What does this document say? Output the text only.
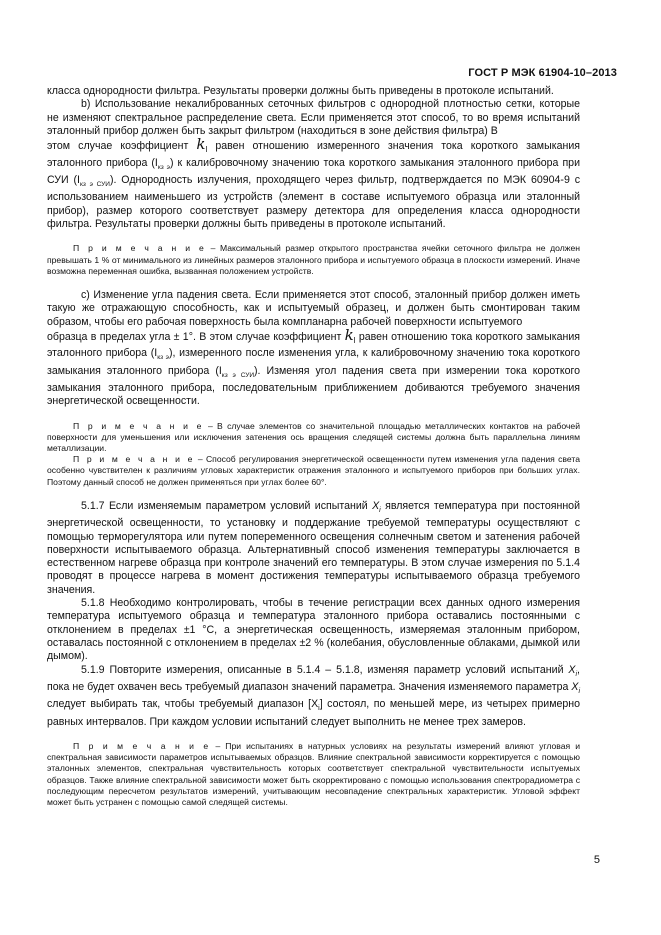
ГОСТ Р МЭК 61904-10–2013

класса однородности фильтра. Результаты проверки должны быть приведены в протоколе испытаний.

b) Использование некалиброванных сеточных фильтров с однородной плотностью сетки, которые не изменяют спектральное распределение света. Если применяется этот способ, то во время испытаний эталонный прибор должен быть закрыт фильтром (находиться в зоне действия фильтра) В

этом случае коэффициент $k_l$ равен отношению измеренного значения тока короткого замыкания эталонного прибора $(I_{кз э})$ к калибровочному значению тока короткого замыкания эталонного прибора при СУИ $(I_{кз э СУИ})$. Однородность излучения, проходящего через фильтр, подтверждается по МЭК 60904-9 с использованием наименьшего из устройств (элемент в составе испытуемого образца или эталонный прибор), размер которого соответствует размеру детектора для определения класса однородности фильтра. Результаты проверки должны быть приведены в протоколе испытаний.

П р и м е ч а н и е – Максимальный размер открытого пространства ячейки сеточного фильтра не должен превышать 1 % от минимального из линейных размеров эталонного прибора и испытуемого образца в плоскости измерений. Иначе возможна переменная ошибка, вызванная положением устройств.

c) Изменение угла падения света. Если применяется этот способ, эталонный прибор должен иметь такую же отражающую способность, как и испытуемый образец, и должен быть смонтирован таким образом, чтобы его рабочая поверхность была компланарна рабочей поверхности испытуемого

образца в пределах угла ± 1°. В этом случае коэффициент $k_l$ равен отношению тока короткого замыкания эталонного прибора $(I_{кз э})$, измеренного после изменения угла, к калибровочному значению тока короткого замыкания эталонного прибора $(I_{кз э СУИ})$. Изменяя угол падения света при измерении тока короткого замыкания эталонного прибора, последовательным приближением добиваются требуемого значения энергетической освещенности.

П р и м е ч а н и е – В случае элементов со значительной площадью металлических контактов на рабочей поверхности для уменьшения или исключения затенения ось вращения следящей системы должна быть параллельна линиям металлизации.

П р и м е ч а н и е – Способ регулирования энергетической освещенности путем изменения угла падения света особенно чувствителен к различиям угловых характеристик отражения эталонного и испытуемого приборов при больших углах. Поэтому данный способ не должен применяться при углах более 60°.

5.1.7 Если изменяемым параметром условий испытаний $X_i$ является температура при постоянной энергетической освещенности, то установку и поддержание требуемой температуры осуществляют с помощью терморегулятора или путем попеременного освещения солнечным светом и затенения рабочей поверхности испытываемого образца. Альтернативный способ изменения температуры заключается в естественном нагреве образца при контроле значений его температуры. В этом случае измерения по 5.1.4 проводят в процессе нагрева в момент достижения температуры испытываемого образца требуемого значения.

5.1.8 Необходимо контролировать, чтобы в течение регистрации всех данных одного измерения температура испытуемого образца и температура эталонного прибора оставались постоянными с отклонением в пределах ±1 °С, а энергетическая освещенность, измеряемая эталонным прибором, оставалась постоянной с отклонением в пределах ±2 % (колебания, обусловленные облаками, дымкой или дымом).

5.1.9 Повторите измерения, описанные в 5.1.4 – 5.1.8, изменяя параметр условий испытаний $X_i$, пока не будет охвачен весь требуемый диапазон значений параметра. Значения изменяемого параметра $X_i$ следует выбирать так, чтобы требуемый диапазон $[X_i]$ состоял, по меньшей мере, из четырех примерно равных интервалов. При каждом условии испытаний следует выполнить не менее трех замеров.

П р и м е ч а н и е – При испытаниях в натурных условиях на результаты измерений влияют угловая и спектральная зависимости параметров испытываемых образцов. Влияние спектральной зависимости корректируется с помощью эталонных элементов, спектральная чувствительность которых соответствует спектральной чувствительности испытуемых образцов. Также влияние спектральной зависимости может быть скорректировано с помощью использования спектрорадиометра с последующим пересчетом результатов измерений, учитывающим несовпадение спектральных характеристик. Угловой эффект может быть устранен с помощью самой следящей системы.

5
